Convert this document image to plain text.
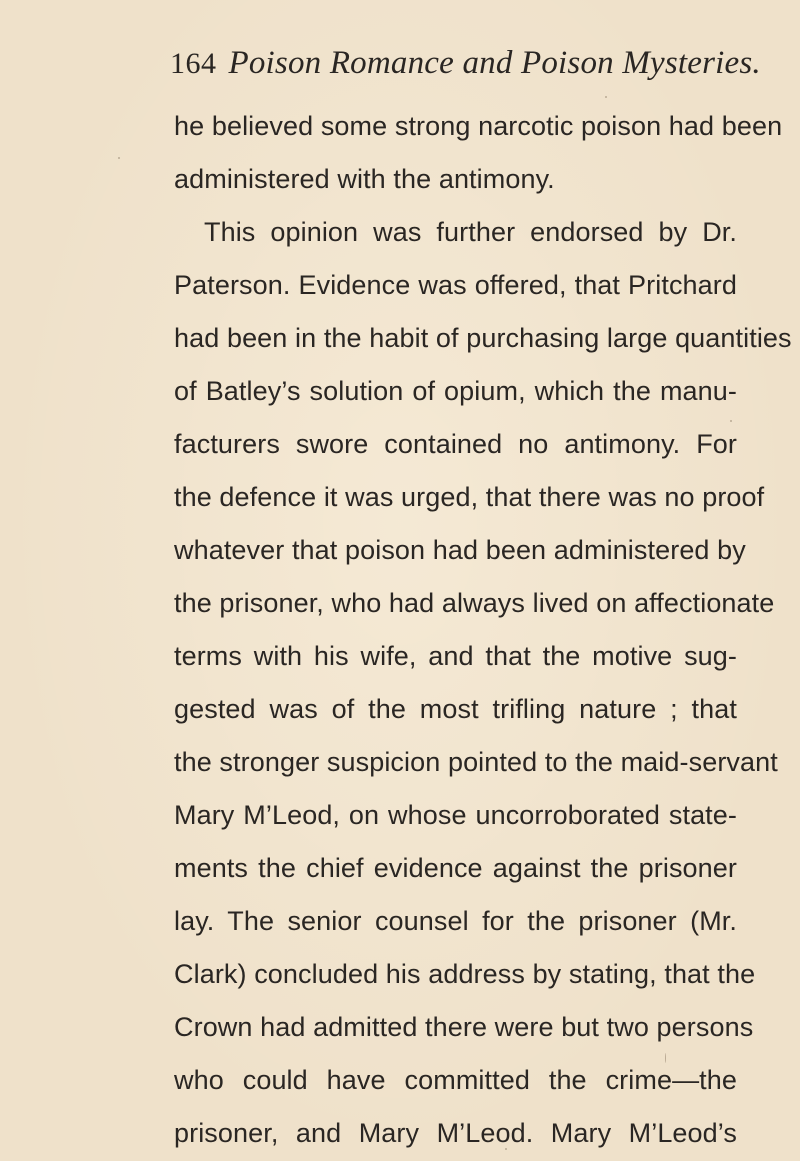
164 Poison Romance and Poison Mysteries.
he believed some strong narcotic poison had been
administered with the antimony.
This opinion was further endorsed by Dr.
Paterson. Evidence was offered, that Pritchard
had been in the habit of purchasing large quantities
of Batley’s solution of opium, which the manu-
facturers swore contained no antimony. For
the defence it was urged, that there was no proof
whatever that poison had been administered by
the prisoner, who had always lived on affectionate
terms with his wife, and that the motive sug-
gested was of the most trifling nature ; that
the stronger suspicion pointed to the maid-servant
Mary M’Leod, on whose uncorroborated state-
ments the chief evidence against the prisoner
lay. The senior counsel for the prisoner (Mr.
Clark) concluded his address by stating, that the
Crown had admitted there were but two persons
who could have committed the crime—the
prisoner, and Mary M’Leod. Mary M’Leod’s
